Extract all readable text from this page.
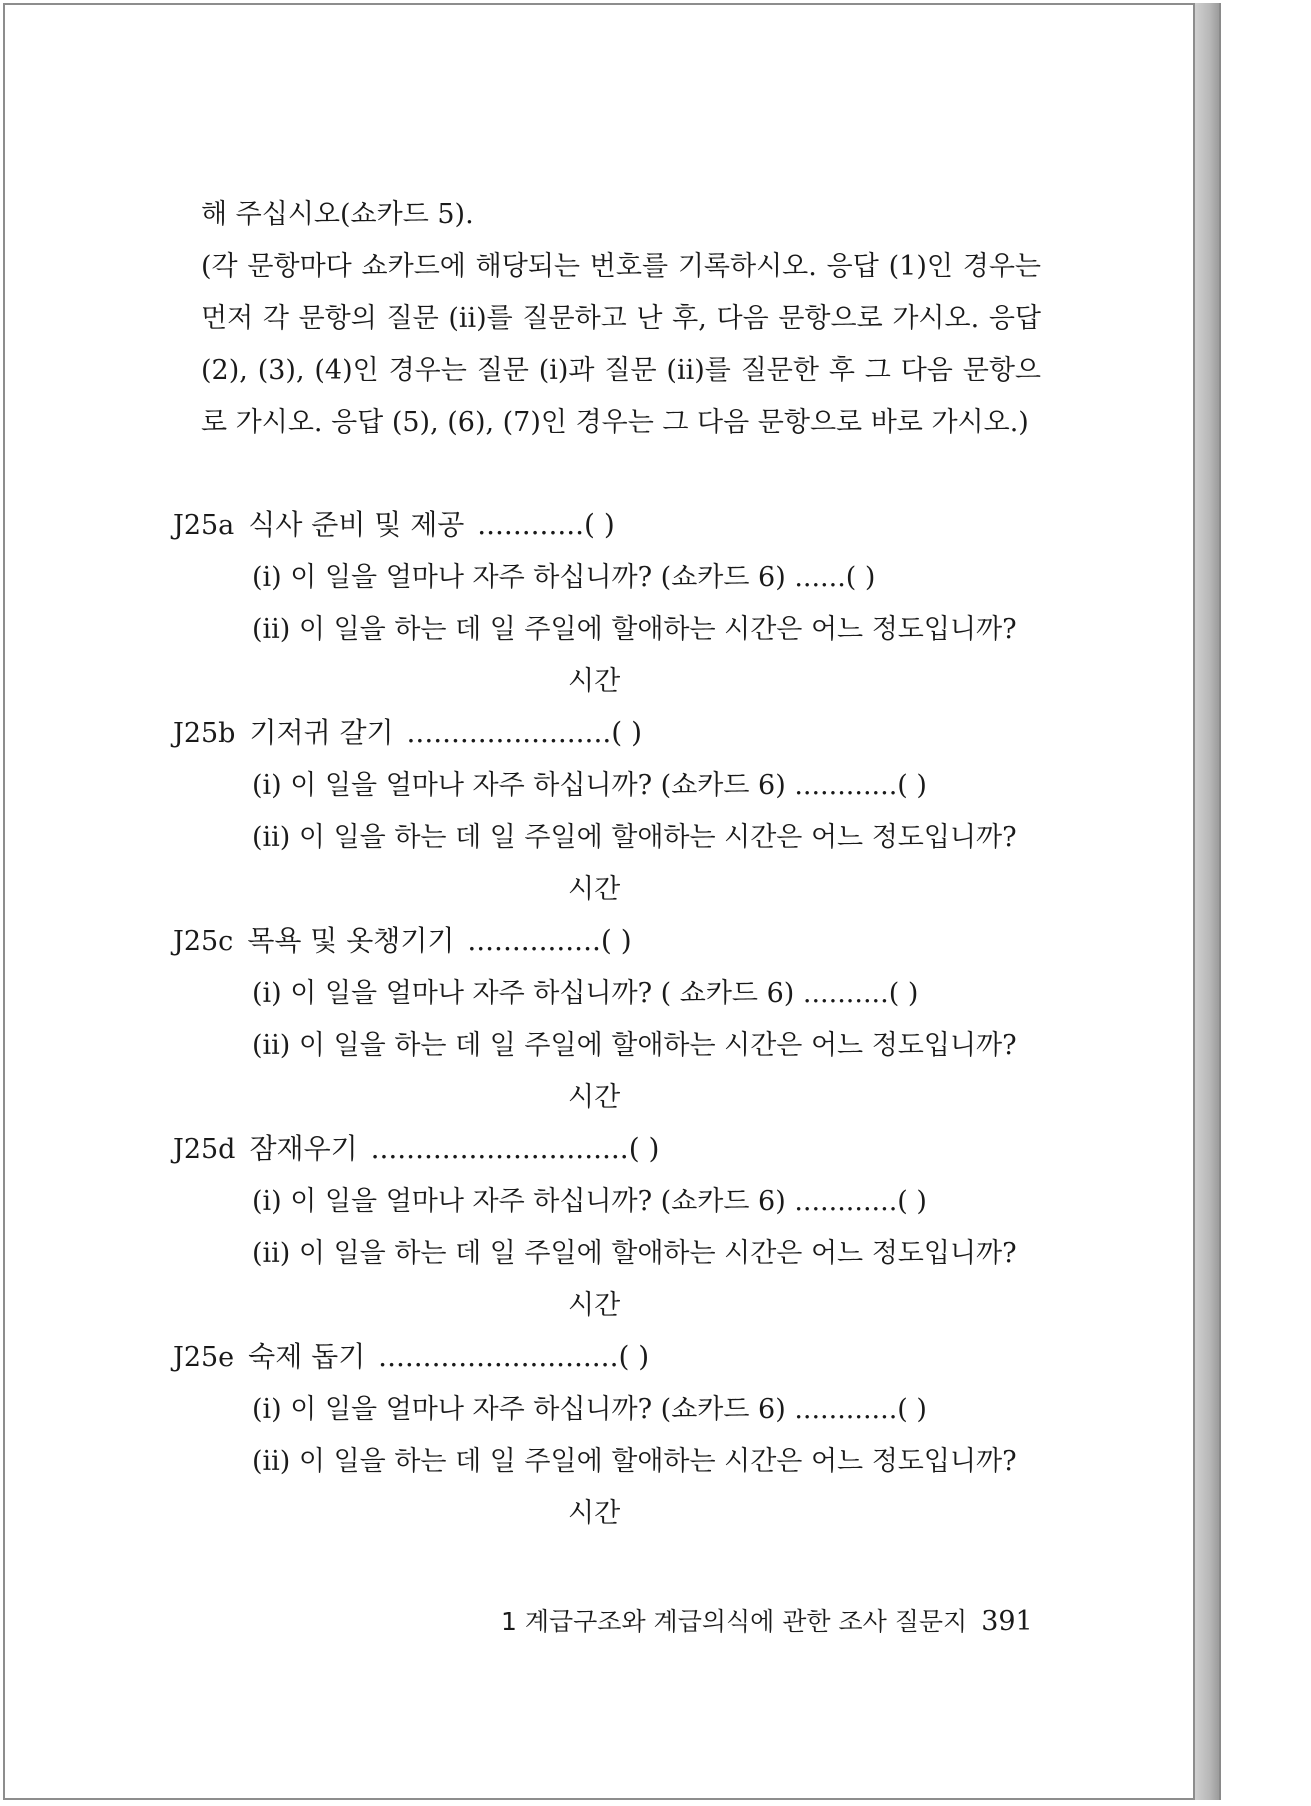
해 주십시오(쇼카드 5).

(각 문항마다 쇼카드에 해당되는 번호를 기록하시오. 응답 (1)인 경우는 먼저 각 문항의 질문 (ii)를 질문하고 난 후, 다음 문항으로 가시오. 응답 (2), (3), (4)인 경우는 질문 (i)과 질문 (ii)를 질문한 후 그 다음 문항으로 가시오. 응답 (5), (6), (7)인 경우는 그 다음 문항으로 바로 가시오.)

J25a 식사 준비 및 제공 ............( )
(i) 이 일을 얼마나 자주 하십니까? (쇼카드 6) ......( )
(ii) 이 일을 하는 데 일 주일에 할애하는 시간은 어느 정도입니까?
시간
J25b 기저귀 갈기 .......................( )
(i) 이 일을 얼마나 자주 하십니까? (쇼카드 6) ............( )
(ii) 이 일을 하는 데 일 주일에 할애하는 시간은 어느 정도입니까?
시간
J25c 목욕 및 옷챙기기 ...............( )
(i) 이 일을 얼마나 자주 하십니까? ( 쇼카드 6) ..........( )
(ii) 이 일을 하는 데 일 주일에 할애하는 시간은 어느 정도입니까?
시간
J25d 잠재우기 .............................( )
(i) 이 일을 얼마나 자주 하십니까? (쇼카드 6) ............( )
(ii) 이 일을 하는 데 일 주일에 할애하는 시간은 어느 정도입니까?
시간
J25e 숙제 돕기 ...........................( )
(i) 이 일을 얼마나 자주 하십니까? (쇼카드 6) ............( )
(ii) 이 일을 하는 데 일 주일에 할애하는 시간은 어느 정도입니까?
시간
1 계급구조와 계급의식에 관한 조사 질문지 391
